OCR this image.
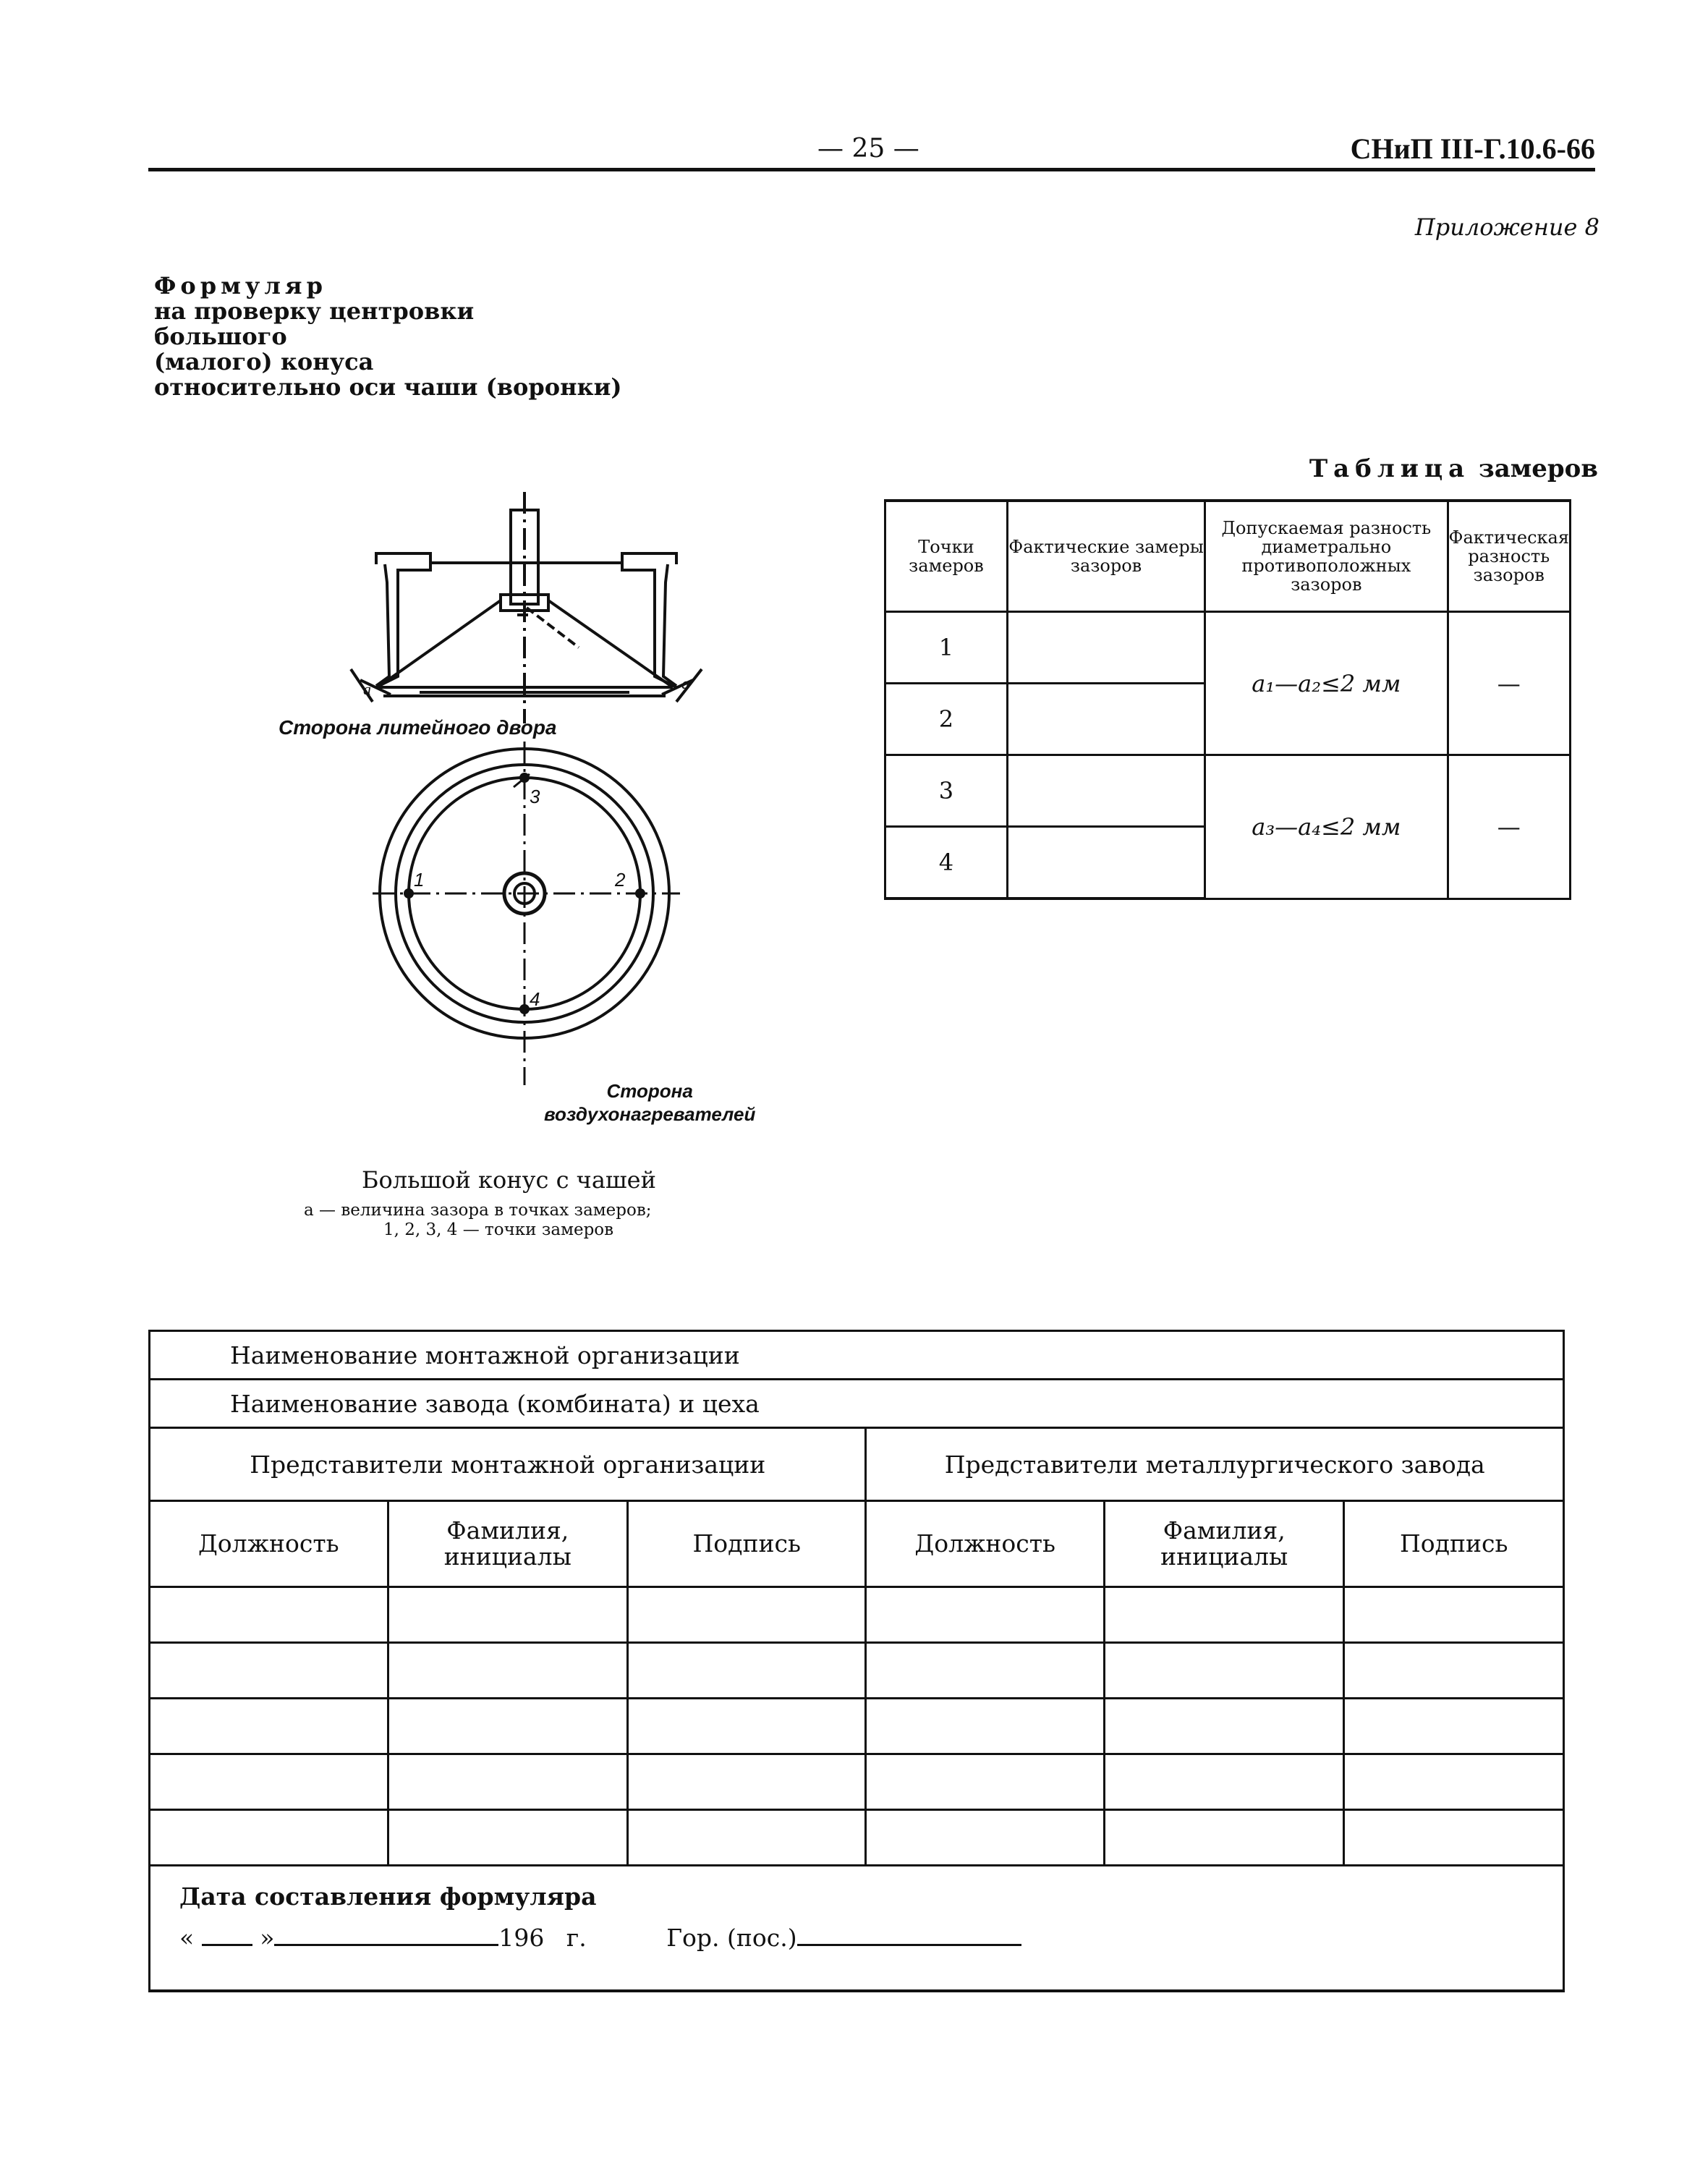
— 25 —	СНиП III-Г.10.6-66
Приложение 8
Формуляр
на проверку центровки
большого
(малого) конуса
относительно оси чаши (воронки)
Таблица замеров
Точки замеров	Фактические замеры зазоров	Допускаемая разность диаметрально противоположных зазоров	Фактическая разность зазоров
1		a₁—a₂≤2 мм	—
2			
3		a₃—a₄≤2 мм	—
4			
a	a
1	2
3
4
Сторона литейного двора
Сторона
воздухонагревателей
Большой конус с чашей
a — величина зазора в точках замеров;
1, 2, 3, 4 — точки замеров
Наименование монтажной организации					
Наименование завода (комбината) и цеха					
Представители монтажной организации			Представители металлургического завода		
Должность	Фамилия, инициалы	Подпись	Должность	Фамилия, инициалы	Подпись

Дата составления формуляра
« » 196 г. Гор. (пос.)					
